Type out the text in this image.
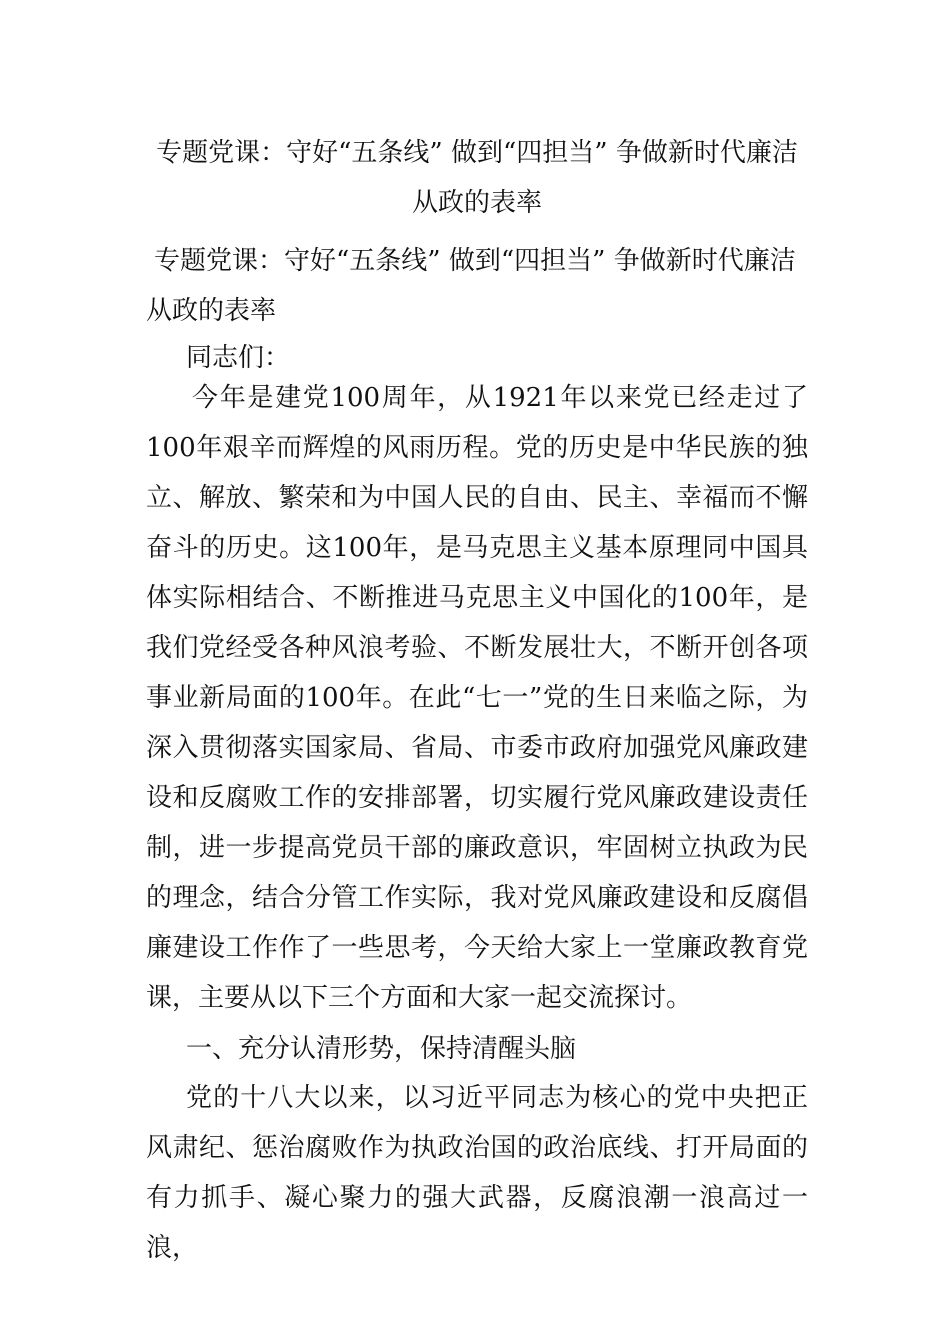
专题党课：守好“五条线” 做到“四担当” 争做新时代廉洁从政的表率
专题党课：守好“五条线” 做到“四担当” 争做新时代廉洁从政的表率
同志们：
今年是建党100周年，从1921年以来党已经走过了100年艰辛而辉煌的风雨历程。党的历史是中华民族的独立、解放、繁荣和为中国人民的自由、民主、幸福而不懈奋斗的历史。这100年，是马克思主义基本原理同中国具体实际相结合、不断推进马克思主义中国化的100年，是我们党经受各种风浪考验、不断发展壮大，不断开创各项事业新局面的100年。在此“七一”党的生日来临之际，为深入贯彻落实国家局、省局、市委市政府加强党风廉政建设和反腐败工作的安排部署，切实履行党风廉政建设责任制，进一步提高党员干部的廉政意识，牢固树立执政为民的理念，结合分管工作实际，我对党风廉政建设和反腐倡廉建设工作作了一些思考，今天给大家上一堂廉政教育党课，主要从以下三个方面和大家一起交流探讨。
一、充分认清形势，保持清醒头脑
党的十八大以来，以习近平同志为核心的党中央把正风肃纪、惩治腐败作为执政治国的政治底线、打开局面的有力抓手、凝心聚力的强大武器，反腐浪潮一浪高过一浪，
